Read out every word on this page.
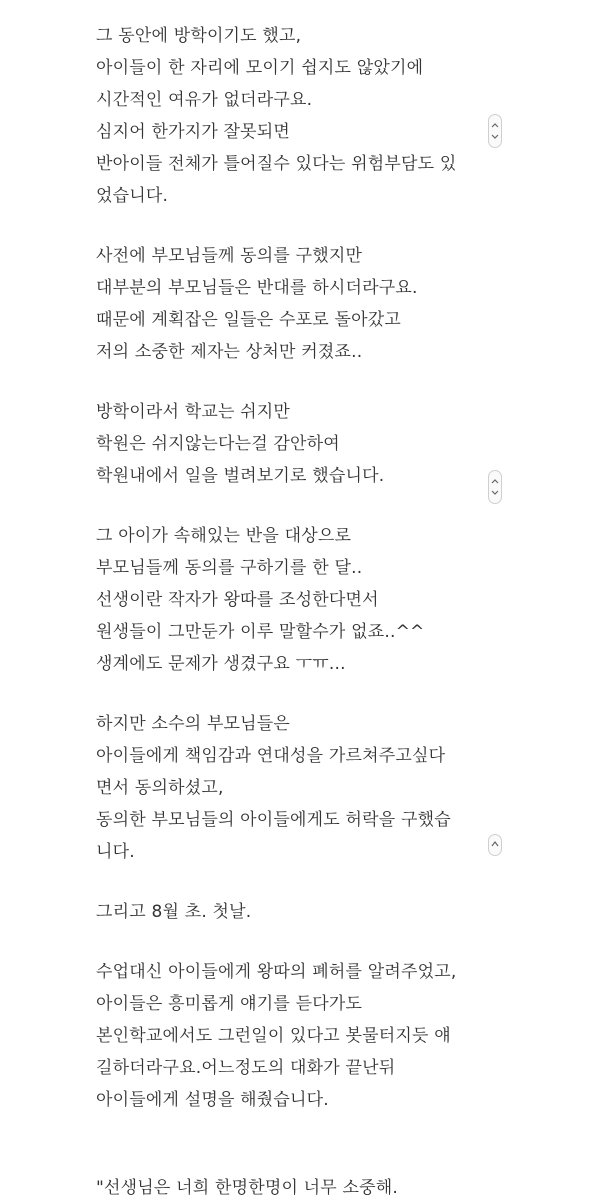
그 동안에 방학이기도 했고,
아이들이 한 자리에 모이기 쉽지도 않았기에
시간적인 여유가 없더라구요.
심지어 한가지가 잘못되면
반아이들 전체가 틀어질수 있다는 위험부담도 있
었습니다.
사전에 부모님들께 동의를 구했지만
대부분의 부모님들은 반대를 하시더라구요.
때문에 계획잡은 일들은 수포로 돌아갔고
저의 소중한 제자는 상처만 커졌죠..
방학이라서 학교는 쉬지만
학원은 쉬지않는다는걸 감안하여
학원내에서 일을 벌려보기로 했습니다.
그 아이가 속해있는 반을 대상으로
부모님들께 동의를 구하기를 한 달..
선생이란 작자가 왕따를 조성한다면서
원생들이 그만둔가 이루 말할수가 없죠..^^
생계에도 문제가 생겼구요 ㅜㅠ...
하지만 소수의 부모님들은
아이들에게 책임감과 연대성을 가르쳐주고싶다
면서 동의하셨고,
동의한 부모님들의 아이들에게도 허락을 구했습
니다.
그리고 8월 초. 첫날.
수업대신 아이들에게 왕따의 폐허를 알려주었고,
아이들은 흥미롭게 얘기를 듣다가도
본인학교에서도 그런일이 있다고 봇물터지듯 얘
길하더라구요.어느정도의 대화가 끝난뒤
아이들에게 설명을 해줬습니다.
"선생님은 너희 한명한명이 너무 소중해.
